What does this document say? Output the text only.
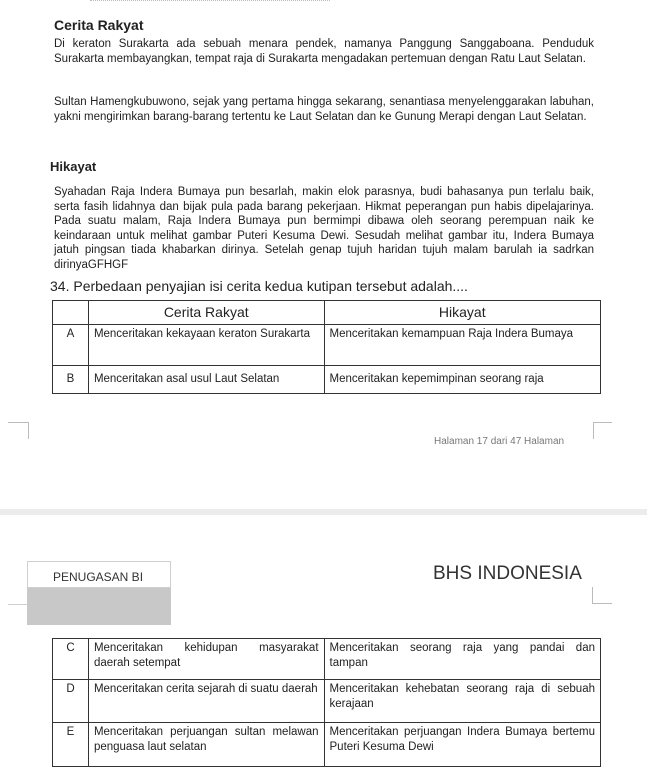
Cerita Rakyat
Di keraton Surakarta ada sebuah menara pendek, namanya Panggung Sanggaboana. Penduduk Surakarta membayangkan, tempat raja di Surakarta mengadakan pertemuan dengan Ratu Laut Selatan.
Sultan Hamengkubuwono, sejak yang pertama hingga sekarang, senantiasa menyelenggarakan labuhan, yakni mengirimkan barang-barang tertentu ke Laut Selatan dan ke Gunung Merapi dengan Laut Selatan.
Hikayat
Syahadan Raja Indera Bumaya pun besarlah, makin elok parasnya, budi bahasanya pun terlalu baik, serta fasih lidahnya dan bijak pula pada barang pekerjaan. Hikmat peperangan pun habis dipelajarinya. Pada suatu malam, Raja Indera Bumaya pun bermimpi dibawa oleh seorang perempuan naik ke keindaraan untuk melihat gambar Puteri Kesuma Dewi. Sesudah melihat gambar itu, Indera Bumaya jatuh pingsan tiada khabarkan dirinya. Setelah genap tujuh haridan tujuh malam barulah ia sadrkan dirinyaGFHGF
34. Perbedaan penyajian isi cerita kedua kutipan tersebut adalah....
	Cerita Rakyat	Hikayat
A	Menceritakan kekayaan keraton Surakarta	Menceritakan kemampuan Raja Indera Bumaya
B	Menceritakan asal usul Laut Selatan	Menceritakan kepemimpinan seorang raja
Halaman 17 dari 47 Halaman
PENUGASAN BI	BHS INDONESIA
C	Menceritakan kehidupan masyarakat daerah setempat	Menceritakan seorang raja yang pandai dan tampan
D	Menceritakan cerita sejarah di suatu daerah	Menceritakan kehebatan seorang raja di sebuah kerajaan
E	Menceritakan perjuangan sultan melawan penguasa laut selatan	Menceritakan perjuangan Indera Bumaya bertemu Puteri Kesuma Dewi
